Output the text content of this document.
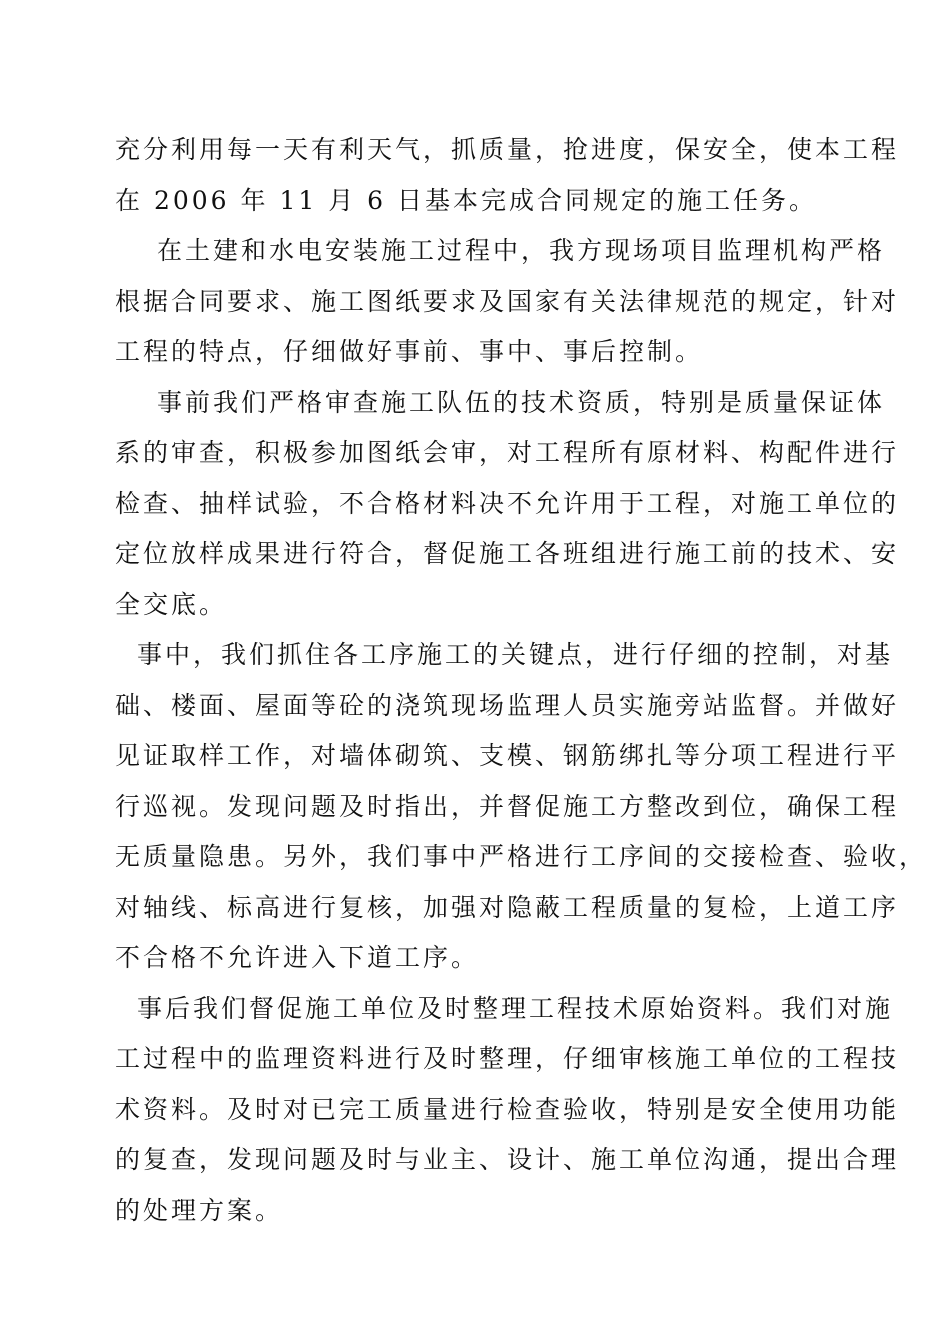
充分利用每一天有利天气，抓质量，抢进度，保安全，使本工程
在 2006 年 11 月 6 日基本完成合同规定的施工任务。
在土建和水电安装施工过程中，我方现场项目监理机构严格
根据合同要求、施工图纸要求及国家有关法律规范的规定，针对
工程的特点，仔细做好事前、事中、事后控制。
事前我们严格审查施工队伍的技术资质，特别是质量保证体
系的审查，积极参加图纸会审，对工程所有原材料、构配件进行
检查、抽样试验，不合格材料决不允许用于工程，对施工单位的
定位放样成果进行符合，督促施工各班组进行施工前的技术、安
全交底。
事中，我们抓住各工序施工的关键点，进行仔细的控制，对基
础、楼面、屋面等砼的浇筑现场监理人员实施旁站监督。并做好
见证取样工作，对墙体砌筑、支模、钢筋绑扎等分项工程进行平
行巡视。发现问题及时指出，并督促施工方整改到位，确保工程
无质量隐患。另外，我们事中严格进行工序间的交接检查、验收，
对轴线、标高进行复核，加强对隐蔽工程质量的复检，上道工序
不合格不允许进入下道工序。
事后我们督促施工单位及时整理工程技术原始资料。我们对施
工过程中的监理资料进行及时整理，仔细审核施工单位的工程技
术资料。及时对已完工质量进行检查验收，特别是安全使用功能
的复查，发现问题及时与业主、设计、施工单位沟通，提出合理
的处理方案。
